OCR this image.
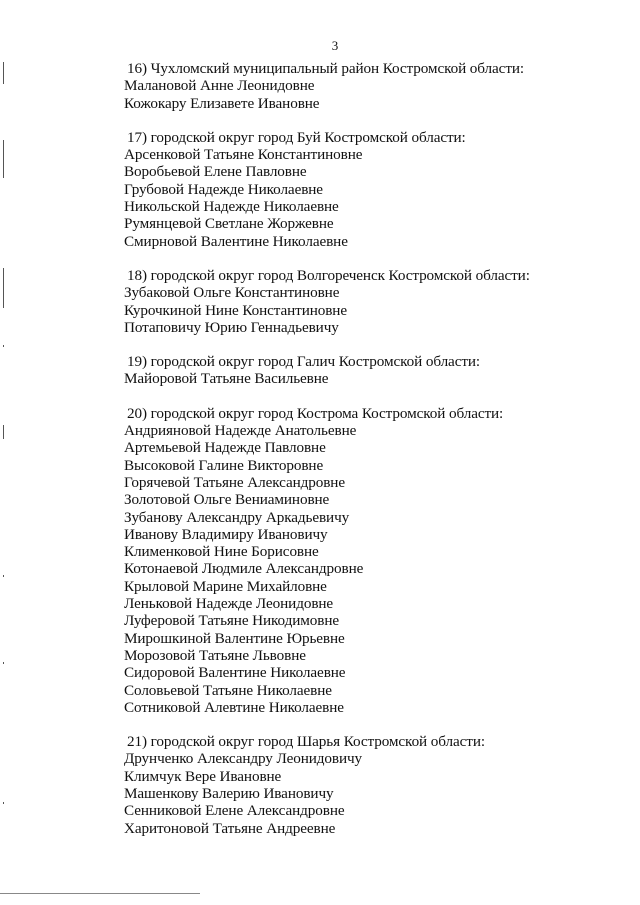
3
16) Чухломский муниципальный район Костромской области:
Малановой Анне Леонидовне
Кожокару Елизавете Ивановне
17) городской округ город Буй Костромской области:
Арсенковой Татьяне Константиновне
Воробьевой Елене Павловне
Грубовой Надежде Николаевне
Никольской Надежде Николаевне
Румянцевой Светлане Жоржевне
Смирновой Валентине Николаевне
18) городской округ город Волгореченск Костромской области:
Зубаковой Ольге Константиновне
Курочкиной Нине Константиновне
Потаповичу Юрию Геннадьевичу
19) городской округ город Галич Костромской области:
Майоровой Татьяне Васильевне
20) городской округ город Кострома Костромской области:
Андрияновой Надежде Анатольевне
Артемьевой Надежде Павловне
Высоковой Галине Викторовне
Горячевой Татьяне Александровне
Золотовой Ольге Вениаминовне
Зубанову Александру Аркадьевичу
Иванову Владимиру Ивановичу
Клименковой Нине Борисовне
Котонаевой Людмиле Александровне
Крыловой Марине Михайловне
Леньковой Надежде Леонидовне
Луферовой Татьяне Никодимовне
Мирошкиной Валентине Юрьевне
Морозовой Татьяне Львовне
Сидоровой Валентине Николаевне
Соловьевой Татьяне Николаевне
Сотниковой Алевтине Николаевне
21) городской округ город Шарья Костромской области:
Друнченко Александру Леонидовичу
Климчук Вере Ивановне
Машенкову Валерию Ивановичу
Сенниковой Елене Александровне
Харитоновой Татьяне Андреевне
